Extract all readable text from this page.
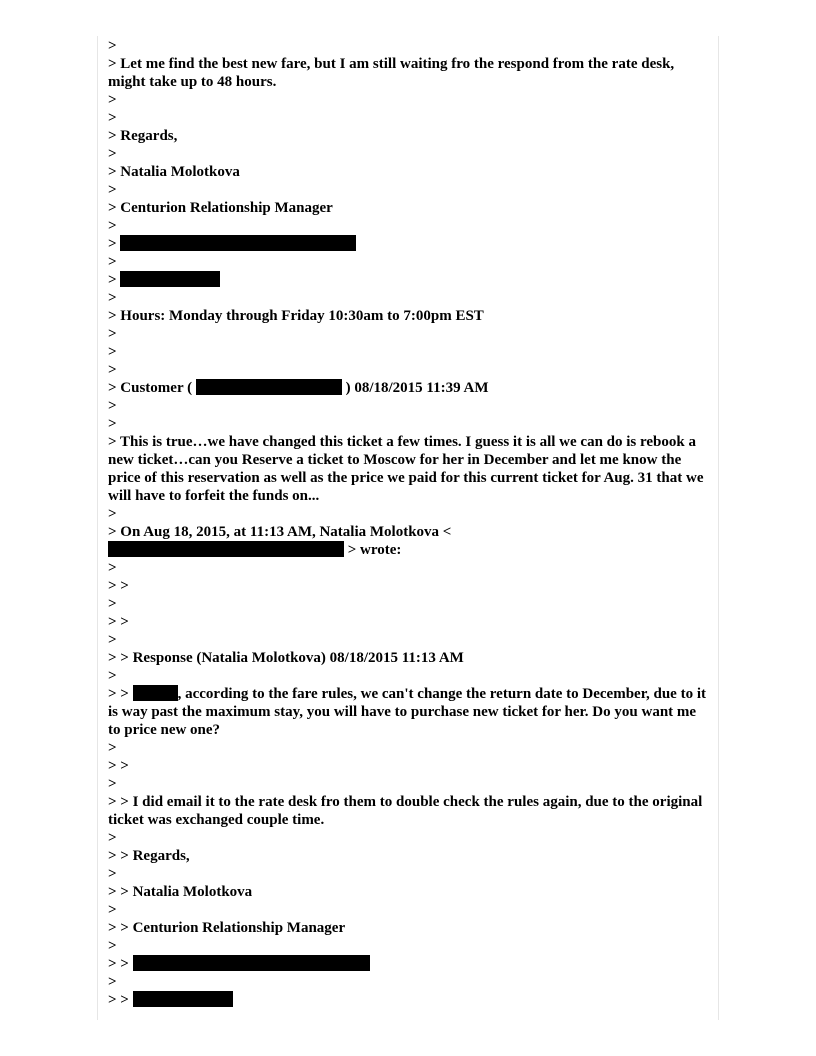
>
> Let me find the best new fare, but I am still waiting fro the respond from the rate desk, might take up to 48 hours.
>
>
> Regards,
>
> Natalia Molotkova
>
> Centurion Relationship Manager
>
>
>
>
>
> Hours: Monday through Friday 10:30am to 7:00pm EST
>
>
>
> Customer (	) 08/18/2015 11:39 AM
>
>
> This is true…we have changed this ticket a few times. I guess it is all we can do is rebook a new ticket…can you Reserve a ticket to Moscow for her in December and let me know the price of this reservation as well as the price we paid for this current ticket for Aug. 31 that we will have to forfeit the funds on...
>
> On Aug 18, 2015, at 11:13 AM, Natalia Molotkova <
> wrote:
>
> >
>
> >
>
> > Response (Natalia Molotkova) 08/18/2015 11:13 AM
>
> >	, according to the fare rules, we can't change the return date to December, due to it is way past the maximum stay, you will have to purchase new ticket for her. Do you want me to price new one?
>
> >
>
> > I did email it to the rate desk fro them to double check the rules again, due to the original ticket was exchanged couple time.
>
> > Regards,
>
> > Natalia Molotkova
>
> > Centurion Relationship Manager
>
> >
>
> >
